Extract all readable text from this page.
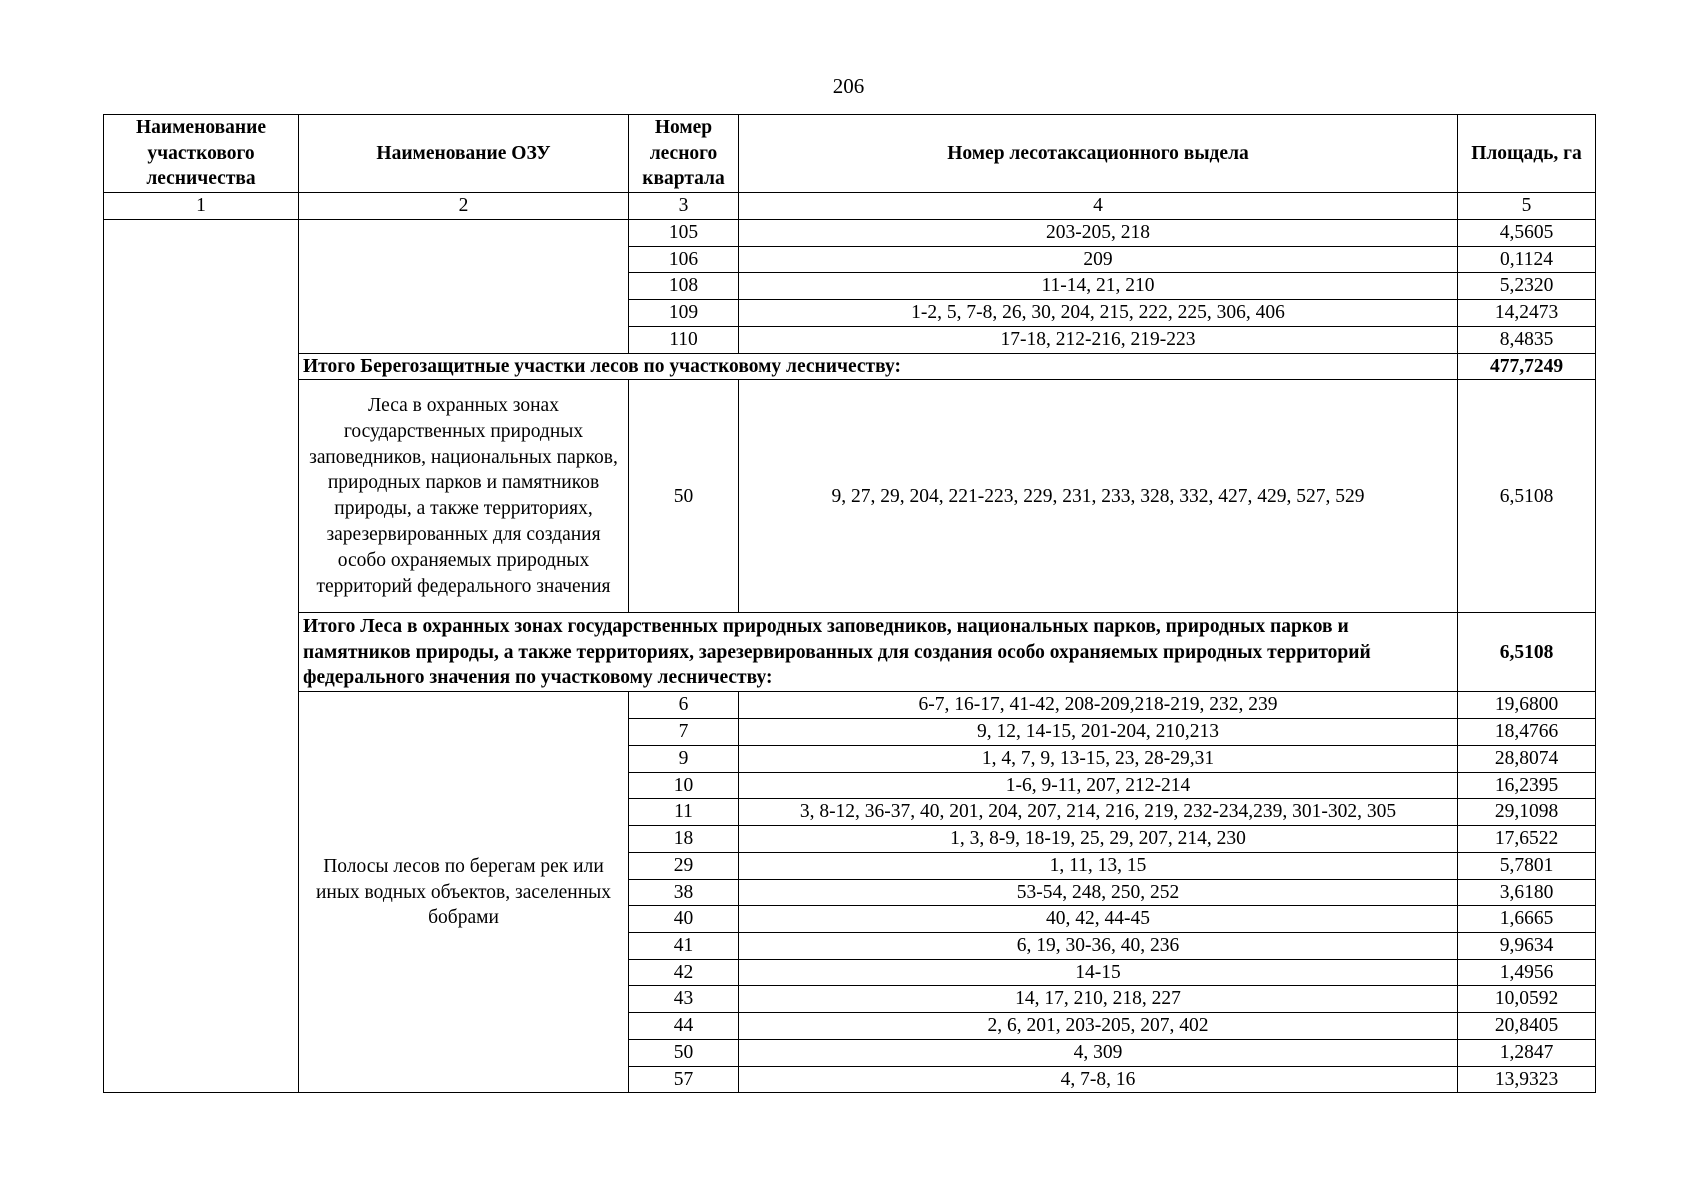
206
Наименование участкового лесничества	Наименование ОЗУ	Номер лесного квартала	Номер лесотаксационного выдела	Площадь, га
1	2	3	4	5
		105	203-205, 218	4,5605
		106	209	0,1124
		108	11-14, 21, 210	5,2320
		109	1-2, 5, 7-8, 26, 30, 204, 215, 222, 225, 306, 406	14,2473
		110	17-18, 212-216, 219-223	8,4835
	Итого Берегозащитные участки лесов по участковому лесничеству:			477,7249
	Леса в охранных зонах государственных природных заповедников, национальных парков, природных парков и памятников природы, а также территориях, зарезервированных для создания особо охраняемых природных территорий федерального значения	50	9, 27, 29, 204, 221-223, 229, 231, 233, 328, 332, 427, 429, 527, 529	6,5108
	Итого Леса в охранных зонах государственных природных заповедников, национальных парков, природных парков и памятников природы, а также территориях, зарезервированных для создания особо охраняемых природных территорий федерального значения по участковому лесничеству:			6,5108
	Полосы лесов по берегам рек или иных водных объектов, заселенных бобрами	6	6-7, 16-17, 41-42, 208-209,218-219, 232, 239	19,6800
		7	9, 12, 14-15, 201-204, 210,213	18,4766
		9	1, 4, 7, 9, 13-15, 23, 28-29,31	28,8074
		10	1-6, 9-11, 207, 212-214	16,2395
		11	3, 8-12, 36-37, 40, 201, 204, 207, 214, 216, 219, 232-234,239, 301-302, 305	29,1098
		18	1, 3, 8-9, 18-19, 25, 29, 207, 214, 230	17,6522
		29	1, 11, 13, 15	5,7801
		38	53-54, 248, 250, 252	3,6180
		40	40, 42, 44-45	1,6665
		41	6, 19, 30-36, 40, 236	9,9634
		42	14-15	1,4956
		43	14, 17, 210, 218, 227	10,0592
		44	2, 6, 201, 203-205, 207, 402	20,8405
		50	4, 309	1,2847
		57	4, 7-8, 16	13,9323
